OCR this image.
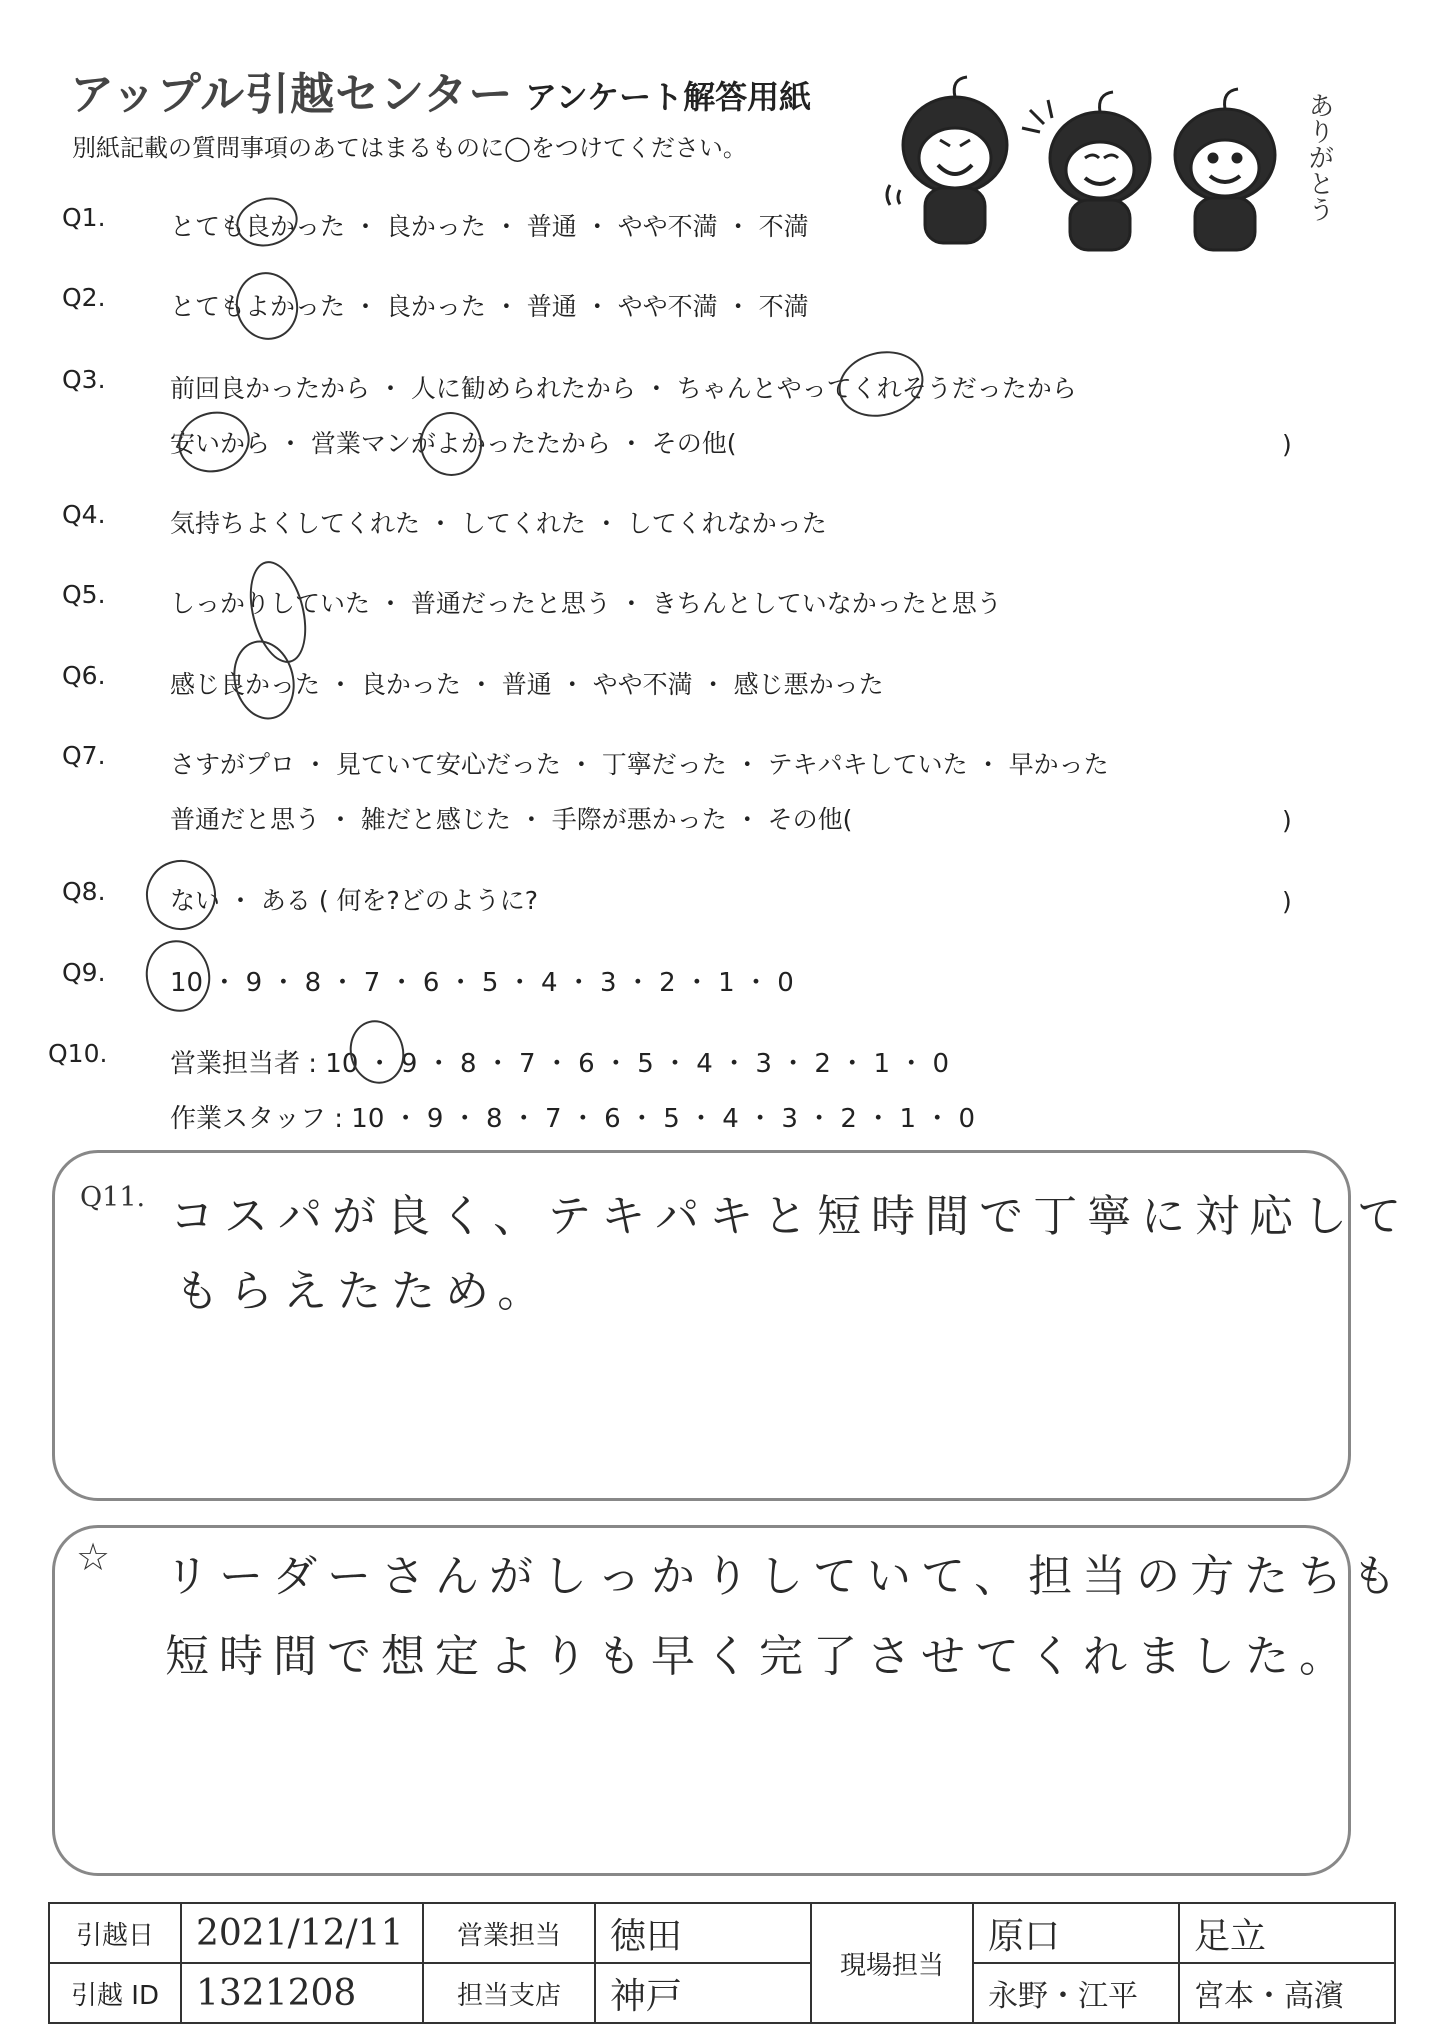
アップル引越センター アンケート解答用紙
別紙記載の質問事項のあてはまるものに◯をつけてください。	ありがとう
Q1.	とても良かった ・ 良かった ・ 普通 ・ やや不満 ・ 不満
Q2.	とてもよかった ・ 良かった ・ 普通 ・ やや不満 ・ 不満
Q3.	前回良かったから ・ 人に勧められたから ・ ちゃんとやってくれそうだったから
安いから ・ 営業マンがよかったたから ・ その他(	)
Q4.	気持ちよくしてくれた ・ してくれた ・ してくれなかった
Q5.	しっかりしていた ・ 普通だったと思う ・ きちんとしていなかったと思う
Q6.	感じ良かった ・ 良かった ・ 普通 ・ やや不満 ・ 感じ悪かった
Q7.	さすがプロ ・ 見ていて安心だった ・ 丁寧だった ・ テキパキしていた ・ 早かった
普通だと思う ・ 雑だと感じた ・ 手際が悪かった ・ その他(	)
Q8.	ない ・ ある ( 何を?どのように?	)
Q9. 10 ・ 9 ・ 8 ・ 7 ・ 6 ・ 5 ・ 4 ・ 3 ・ 2 ・ 1 ・ 0
Q10. 営業担当者 : 10 ・ 9 ・ 8 ・ 7 ・ 6 ・ 5 ・ 4 ・ 3 ・ 2 ・ 1 ・ 0
作業スタッフ : 10 ・ 9 ・ 8 ・ 7 ・ 6 ・ 5 ・ 4 ・ 3 ・ 2 ・ 1 ・ 0
Q11. コスパが良く、テキパキと短時間で丁寧に対応して
もらえたため。
☆ リーダーさんがしっかりしていて、担当の方たちも
短時間で想定よりも早く完了させてくれました。
引越日	2021/12/11	営業担当	徳田	現場担当	原口	足立
引越 ID	1321208	担当支店	神戸		永野・江平	宮本・高濱
